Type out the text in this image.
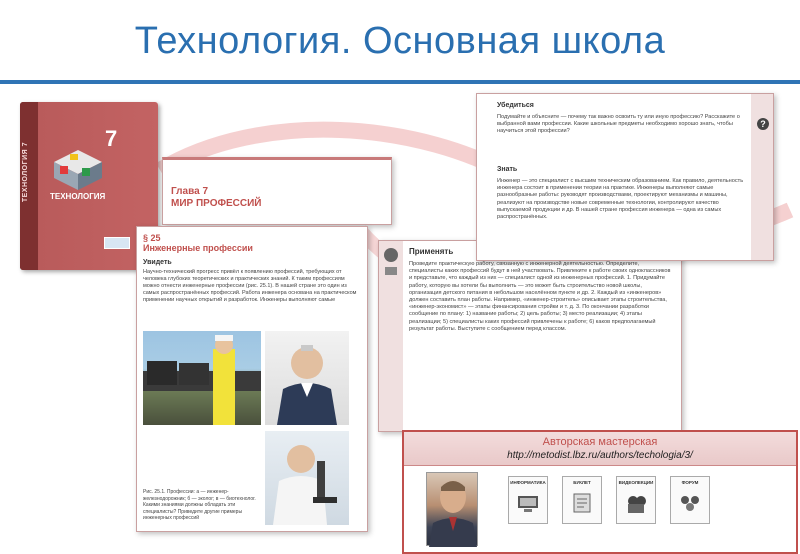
Технология. Основная школа
ТЕХНОЛОГИЯ 7
7
ТЕХНОЛОГИЯ	Глава 7
МИР ПРОФЕССИЙ
§ 25
Инженерные профессии
Увидеть
Научно-технический прогресс привёл к появлению профессий, требующих от человека глубоких теоретических и практических знаний. К таким профессиям можно отнести инженерные профессии (рис. 25.1). В нашей стране это один из самых распространённых профессий. Работа инженера основана на практическом применении научных открытий и разработок. Инженеры выполняют самые
Рис. 25.1. Профессии: а — инженер-железнодорожник; б — эколог; в — биотехнолог. Какими знаниями должны обладать эти специалисты? Приведите другие примеры инженерных профессий
Применять
Проведите практическую работу, связанную с инженерной деятельностью. Определите, специалисты каких профессий будут в ней участвовать. Привлеките к работе своих одноклассников и представьте, что каждый из них — специалист одной из инженерных профессий. 1. Придумайте работу, которую вы хотели бы выполнить — это может быть строительство новой школы, организация детского питания в небольшом населённом пункте и др. 2. Каждый из «инженеров» должен составить план работы. Например, «инженер-строитель» описывает этапы строительства, «инженер-экономист» — этапы финансирования стройки и т. д. 3. По окончании разработки сообщение по плану: 1) название работы; 2) цель работы; 3) место реализации; 4) этапы реализации; 5) специалисты каких профессий привлечены к работе; 6) каков предполагаемый результат работы. Выступите с сообщением перед классом.
?
Убедиться
Подумайте и объясните — почему так важно освоить ту или иную профессию? Расскажите о выбранной вами профессии. Какие школьные предметы необходимо хорошо знать, чтобы научиться этой профессии?
Знать
Инженер — это специалист с высшим техническим образованием. Как правило, деятельность инженера состоит в применении теории на практике. Инженеры выполняют самые разнообразные работы: руководят производствами, проектируют механизмы и машины, реализуют на производстве новые современные технологии, контролируют качество выпускаемой продукции и др. В нашей стране профессия инженера — одна из самых распространённых.
Авторская мастерская
http://metodist.lbz.ru/authors/techologia/3/
ИНФОРМАТИКА	БУКЛЕТ	ВИДЕОЛЕКЦИИ	ФОРУМ
